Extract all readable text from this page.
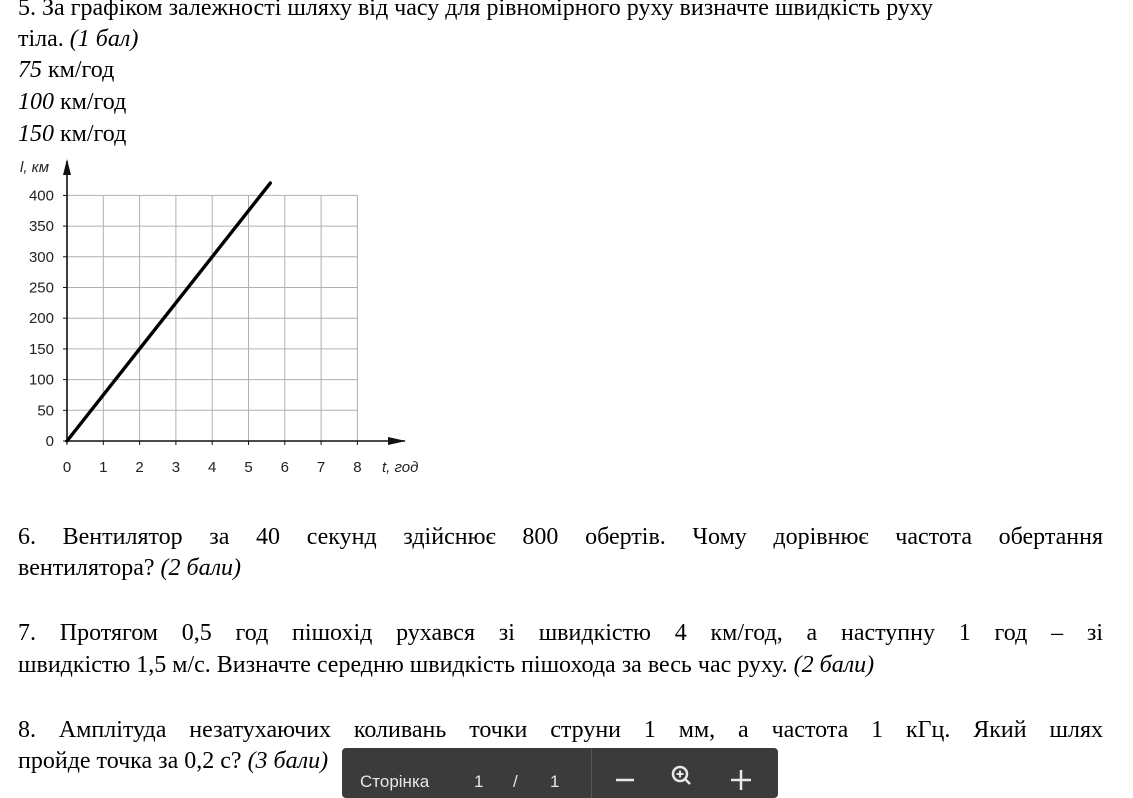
5. За графіком залежності шляху від часу для рівномірного руху визначте швидкість руху
тіла. (1 бал)
75 км/год
100 км/год
150 км/год
0
50
100
150
200
250
300
350
400
0 1 2 3 4 5 6 7 8
l, км
t, год
6. Вентилятор за 40 секунд здійснює 800 обертів. Чому дорівнює частота обертання
вентилятора? (2 бали)
7. Протягом 0,5 год пішохід рухався зі швидкістю 4 км/год, а наступну 1 год – зі
швидкістю 1,5 м/с. Визначте середню швидкість пішохода за весь час руху. (2 бали)
8. Амплітуда незатухаючих коливань точки струни 1 мм, а частота 1 кГц. Який шлях
пройде точка за 0,2 с? (3 бали)
Сторінка	1 / 1
